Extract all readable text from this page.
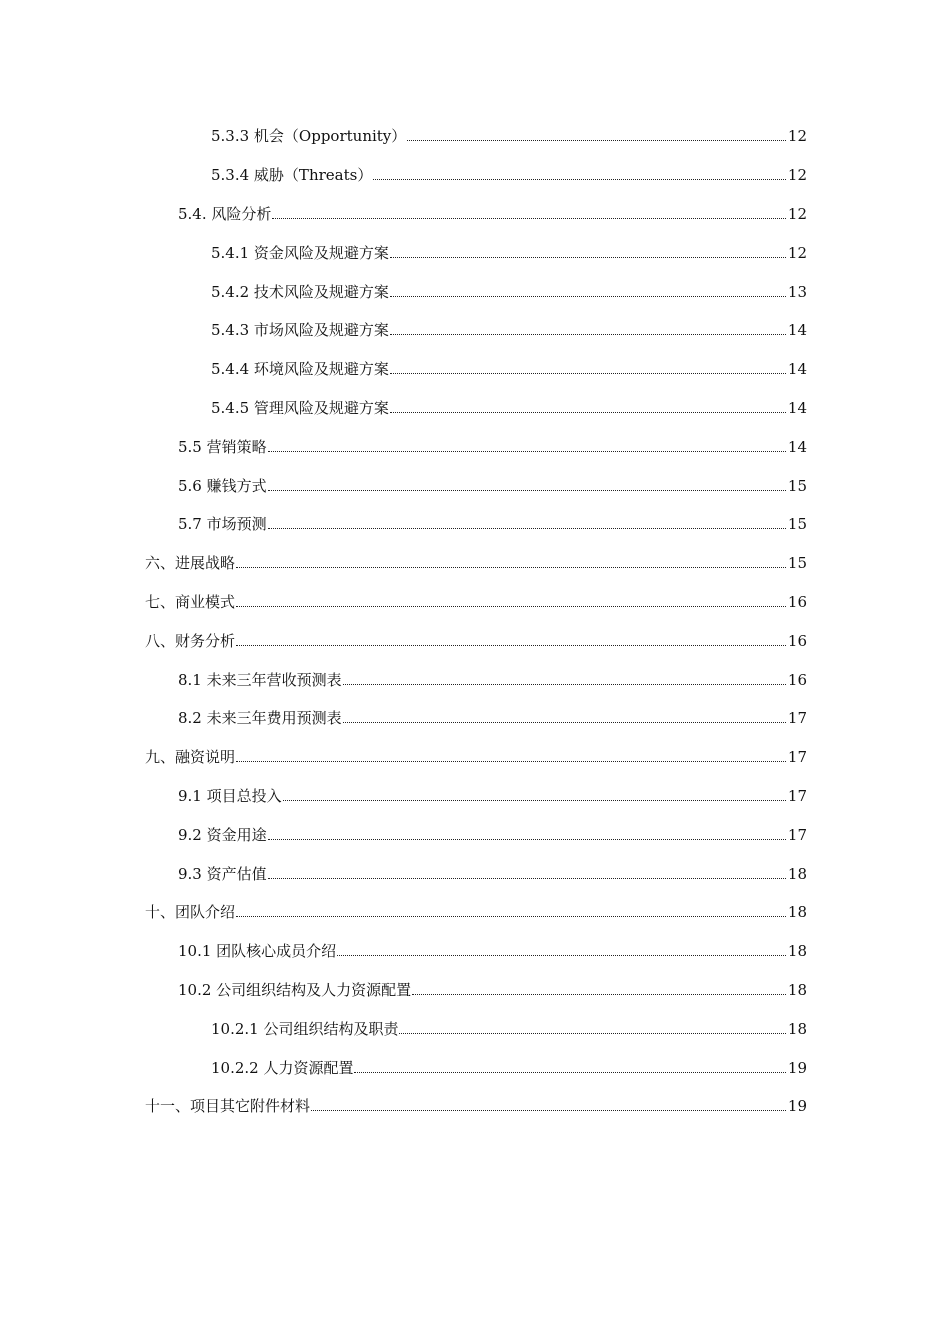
5.3.3 机会（Opportunity）	12
5.3.4 威胁（Threats）	12
5.4. 风险分析	12
5.4.1 资金风险及规避方案	12
5.4.2 技术风险及规避方案	13
5.4.3 市场风险及规避方案	14
5.4.4 环境风险及规避方案	14
5.4.5 管理风险及规避方案	14
5.5 营销策略	14
5.6 赚钱方式	15
5.7 市场预测	15
六、进展战略	15
七、商业模式	16
八、财务分析	16
8.1 未来三年营收预测表	16
8.2 未来三年费用预测表	17
九、融资说明	17
9.1 项目总投入	17
9.2 资金用途	17
9.3 资产估值	18
十、团队介绍	18
10.1 团队核心成员介绍	18
10.2 公司组织结构及人力资源配置	18
10.2.1 公司组织结构及职责	18
10.2.2 人力资源配置	19
十一、项目其它附件材料	19
